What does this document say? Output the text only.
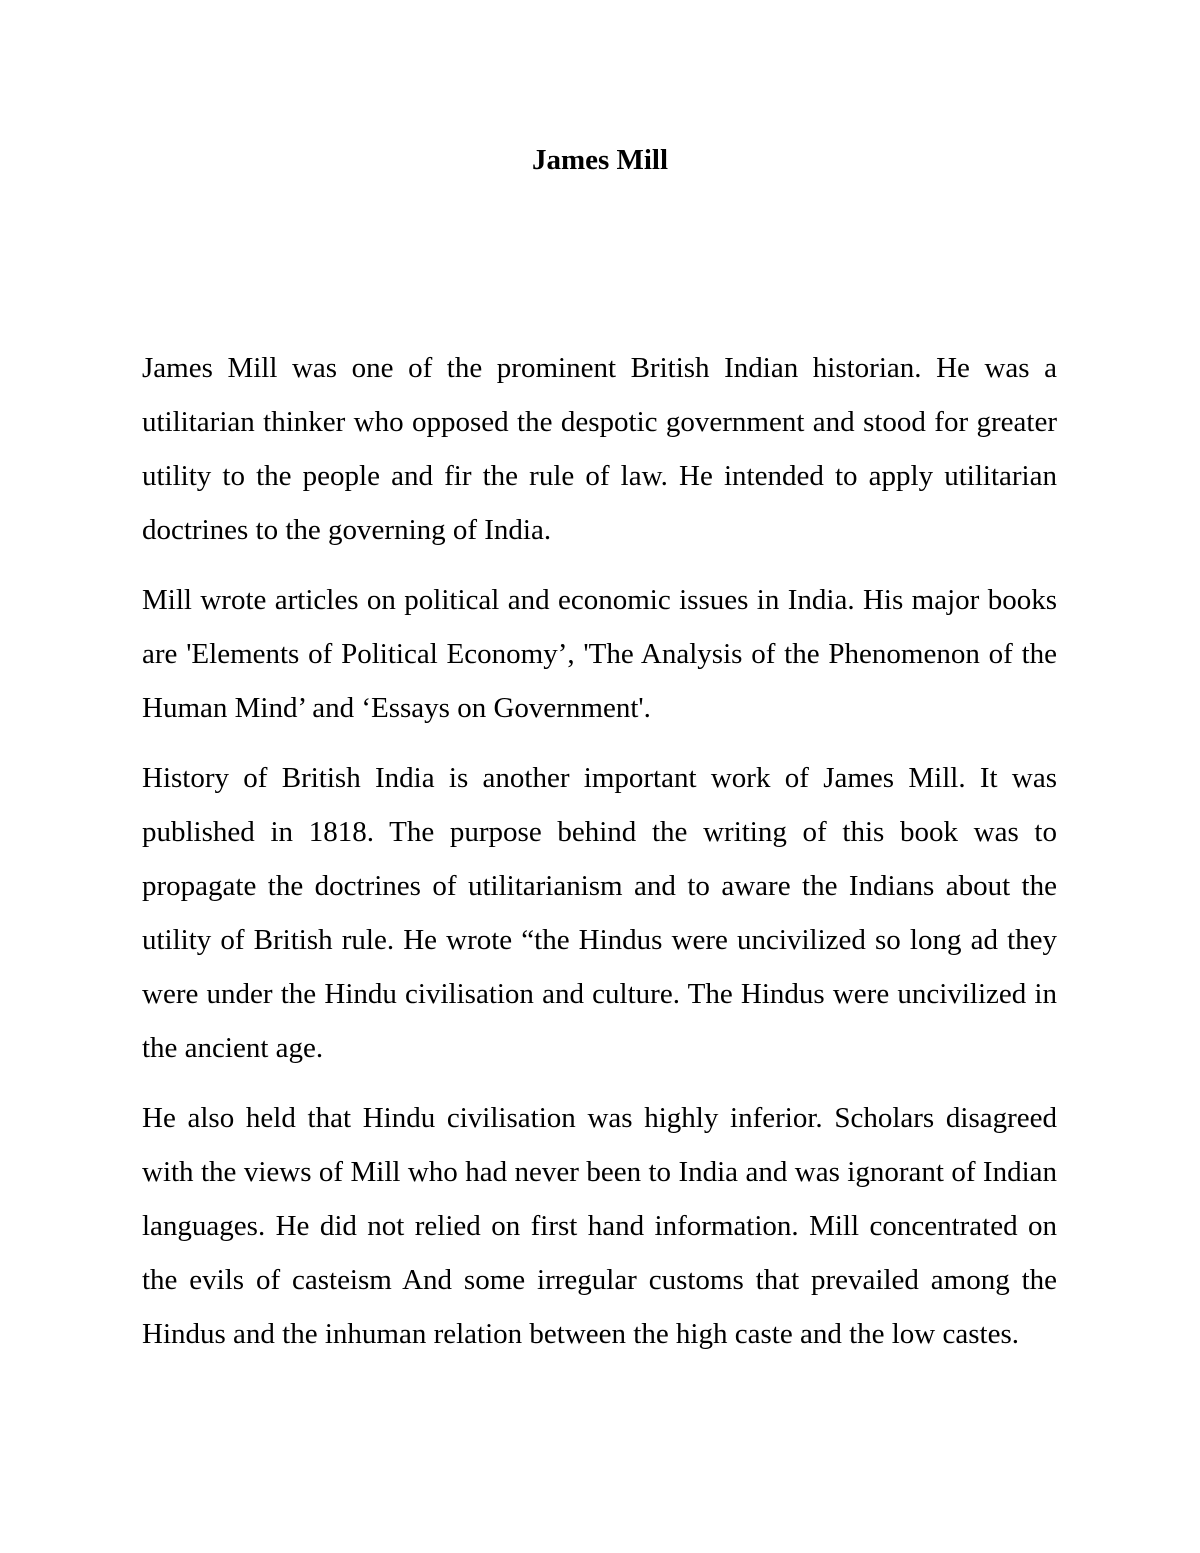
James Mill

James Mill was one of the prominent British Indian historian. He was a utilitarian thinker who opposed the despotic government and stood for greater utility to the people and fir the rule of law. He intended to apply utilitarian doctrines to the governing of India.

Mill wrote articles on political and economic issues in India. His major books are 'Elements of Political Economy’, 'The Analysis of the Phenomenon of the Human Mind’ and ‘Essays on Government'.

History of British India is another important work of James Mill. It was published in 1818. The purpose behind the writing of this book was to propagate the doctrines of utilitarianism and to aware the Indians about the utility of British rule. He wrote “the Hindus were uncivilized so long ad they were under the Hindu civilisation and culture. The Hindus were uncivilized in the ancient age.

He also held that Hindu civilisation was highly inferior. Scholars disagreed with the views of Mill who had never been to India and was ignorant of Indian languages. He did not relied on first hand information. Mill concentrated on the evils of casteism And some irregular customs that prevailed among the Hindus and the inhuman relation between the high caste and the low castes.
